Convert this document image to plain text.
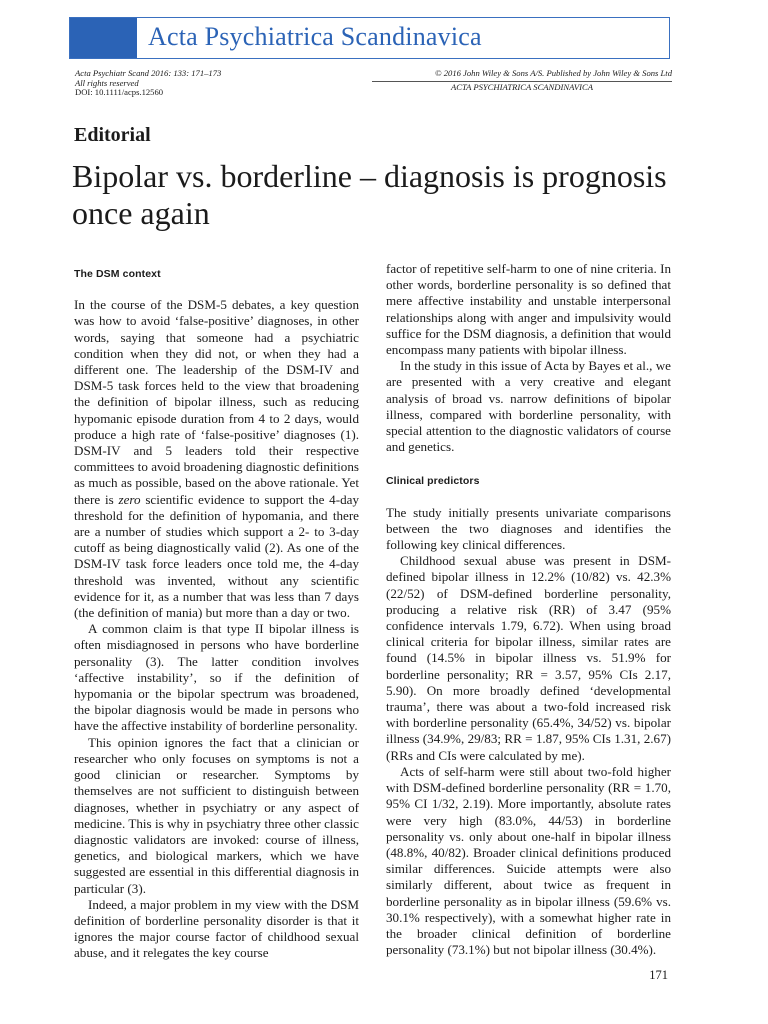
Acta Psychiatrica Scandinavica
Acta Psychiatr Scand 2016: 133: 171–173
All rights reserved
DOI: 10.1111/acps.12560
© 2016 John Wiley & Sons A/S. Published by John Wiley & Sons Ltd
ACTA PSYCHIATRICA SCANDINAVICA
Editorial
Bipolar vs. borderline – diagnosis is prognosis once again
The DSM context

In the course of the DSM-5 debates, a key question was how to avoid ‘false-positive’ diagnoses, in other words, saying that someone had a psychiatric condition when they did not, or when they had a different one. The leadership of the DSM-IV and DSM-5 task forces held to the view that broadening the definition of bipolar illness, such as reducing hypomanic episode duration from 4 to 2 days, would produce a high rate of ‘false-positive’ diagnoses (1). DSM-IV and 5 leaders told their respective committees to avoid broadening diagnostic definitions as much as possible, based on the above rationale. Yet there is zero scientific evidence to support the 4-day threshold for the definition of hypomania, and there are a number of studies which support a 2- to 3-day cutoff as being diagnostically valid (2). As one of the DSM-IV task force leaders once told me, the 4-day threshold was invented, without any scientific evidence for it, as a number that was less than 7 days (the definition of mania) but more than a day or two.

A common claim is that type II bipolar illness is often misdiagnosed in persons who have borderline personality (3). The latter condition involves ‘affective instability’, so if the definition of hypomania or the bipolar spectrum was broadened, the bipolar diagnosis would be made in persons who have the affective instability of borderline personality.

This opinion ignores the fact that a clinician or researcher who only focuses on symptoms is not a good clinician or researcher. Symptoms by themselves are not sufficient to distinguish between diagnoses, whether in psychiatry or any aspect of medicine. This is why in psychiatry three other classic diagnostic validators are invoked: course of illness, genetics, and biological markers, which we have suggested are essential in this differential diagnosis in particular (3).

Indeed, a major problem in my view with the DSM definition of borderline personality disorder is that it ignores the major course factor of childhood sexual abuse, and it relegates the key course

factor of repetitive self-harm to one of nine criteria. In other words, borderline personality is so defined that mere affective instability and unstable interpersonal relationships along with anger and impulsivity would suffice for the DSM diagnosis, a definition that would encompass many patients with bipolar illness.

In the study in this issue of Acta by Bayes et al., we are presented with a very creative and elegant analysis of broad vs. narrow definitions of bipolar illness, compared with borderline personality, with special attention to the diagnostic validators of course and genetics.

Clinical predictors

The study initially presents univariate comparisons between the two diagnoses and identifies the following key clinical differences.

Childhood sexual abuse was present in DSM-defined bipolar illness in 12.2% (10/82) vs. 42.3% (22/52) of DSM-defined borderline personality, producing a relative risk (RR) of 3.47 (95% confidence intervals 1.79, 6.72). When using broad clinical criteria for bipolar illness, similar rates are found (14.5% in bipolar illness vs. 51.9% for borderline personality; RR = 3.57, 95% CIs 2.17, 5.90). On more broadly defined ‘developmental trauma’, there was about a two-fold increased risk with borderline personality (65.4%, 34/52) vs. bipolar illness (34.9%, 29/83; RR = 1.87, 95% CIs 1.31, 2.67) (RRs and CIs were calculated by me).

Acts of self-harm were still about two-fold higher with DSM-defined borderline personality (RR = 1.70, 95% CI 1/32, 2.19). More importantly, absolute rates were very high (83.0%, 44/53) in borderline personality vs. only about one-half in bipolar illness (48.8%, 40/82). Broader clinical definitions produced similar differences. Suicide attempts were also similarly different, about twice as frequent in borderline personality as in bipolar illness (59.6% vs. 30.1% respectively), with a somewhat higher rate in the broader clinical definition of borderline personality (73.1%) but not bipolar illness (30.4%).

171
